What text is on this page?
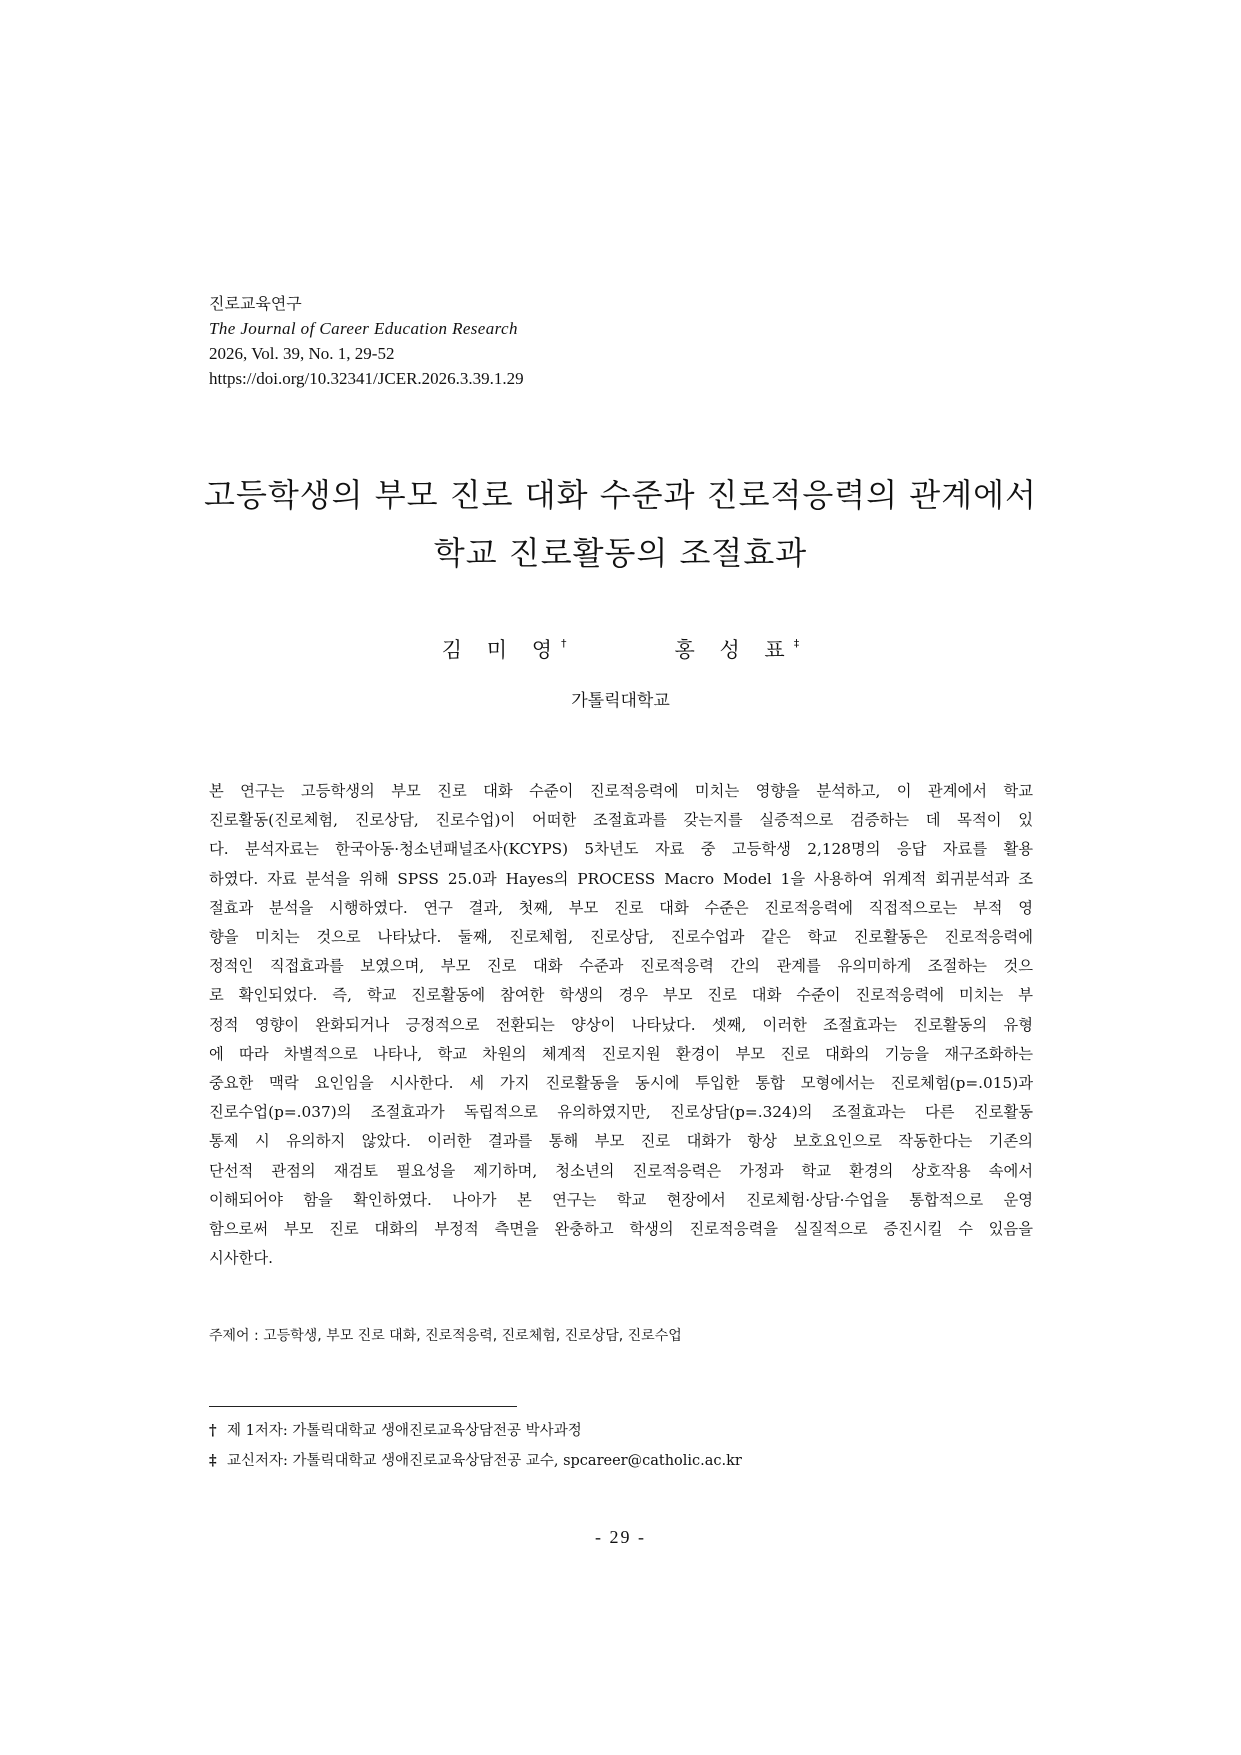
진로교육연구
The Journal of Career Education Research
2026, Vol. 39, No. 1, 29-52
https://doi.org/10.32341/JCER.2026.3.39.1.29
고등학생의 부모 진로 대화 수준과 진로적응력의 관계에서
학교 진로활동의 조절효과
김 미 영†	홍 성 표‡
가톨릭대학교
본 연구는 고등학생의 부모 진로 대화 수준이 진로적응력에 미치는 영향을 분석하고, 이 관계에서 학교
진로활동(진로체험, 진로상담, 진로수업)이 어떠한 조절효과를 갖는지를 실증적으로 검증하는 데 목적이 있
다. 분석자료는 한국아동·청소년패널조사(KCYPS) 5차년도 자료 중 고등학생 2,128명의 응답 자료를 활용
하였다. 자료 분석을 위해 SPSS 25.0과 Hayes의 PROCESS Macro Model 1을 사용하여 위계적 회귀분석과 조
절효과 분석을 시행하였다. 연구 결과, 첫째, 부모 진로 대화 수준은 진로적응력에 직접적으로는 부적 영
향을 미치는 것으로 나타났다. 둘째, 진로체험, 진로상담, 진로수업과 같은 학교 진로활동은 진로적응력에
정적인 직접효과를 보였으며, 부모 진로 대화 수준과 진로적응력 간의 관계를 유의미하게 조절하는 것으
로 확인되었다. 즉, 학교 진로활동에 참여한 학생의 경우 부모 진로 대화 수준이 진로적응력에 미치는 부
정적 영향이 완화되거나 긍정적으로 전환되는 양상이 나타났다. 셋째, 이러한 조절효과는 진로활동의 유형
에 따라 차별적으로 나타나, 학교 차원의 체계적 진로지원 환경이 부모 진로 대화의 기능을 재구조화하는
중요한 맥락 요인임을 시사한다. 세 가지 진로활동을 동시에 투입한 통합 모형에서는 진로체험(p=.015)과
진로수업(p=.037)의 조절효과가 독립적으로 유의하였지만, 진로상담(p=.324)의 조절효과는 다른 진로활동
통제 시 유의하지 않았다. 이러한 결과를 통해 부모 진로 대화가 항상 보호요인으로 작동한다는 기존의
단선적 관점의 재검토 필요성을 제기하며, 청소년의 진로적응력은 가정과 학교 환경의 상호작용 속에서
이해되어야 함을 확인하였다. 나아가 본 연구는 학교 현장에서 진로체험·상담·수업을 통합적으로 운영
함으로써 부모 진로 대화의 부정적 측면을 완충하고 학생의 진로적응력을 실질적으로 증진시킬 수 있음을
시사한다.
주제어 : 고등학생, 부모 진로 대화, 진로적응력, 진로체험, 진로상담, 진로수업
† 제 1저자: 가톨릭대학교 생애진로교육상담전공 박사과정
‡ 교신저자: 가톨릭대학교 생애진로교육상담전공 교수, spcareer@catholic.ac.kr
- 29 -
